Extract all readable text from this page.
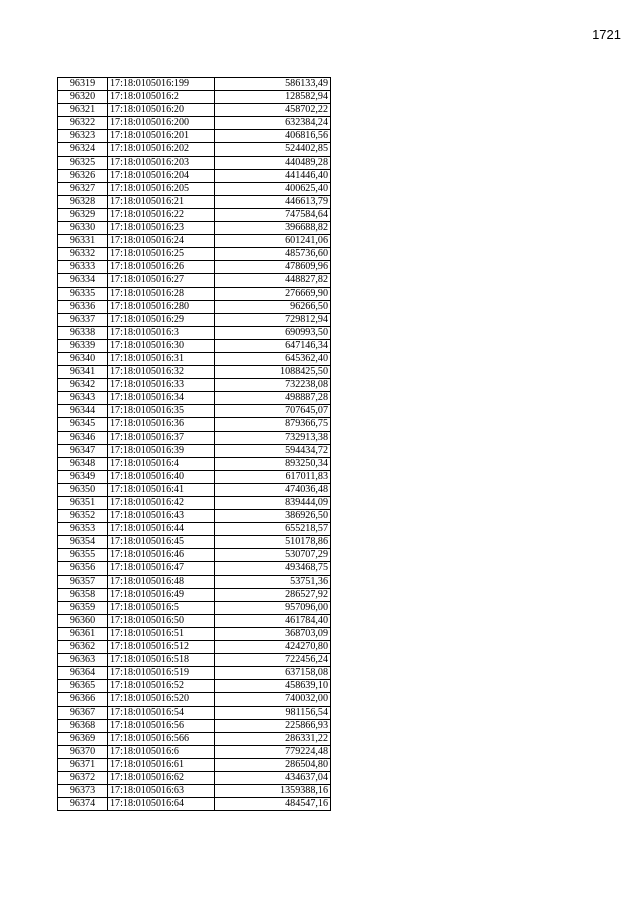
1721
96319	17:18:0105016:199	586133,49
96320	17:18:0105016:2	128582,94
96321	17:18:0105016:20	458702,22
96322	17:18:0105016:200	632384,24
96323	17:18:0105016:201	406816,56
96324	17:18:0105016:202	524402,85
96325	17:18:0105016:203	440489,28
96326	17:18:0105016:204	441446,40
96327	17:18:0105016:205	400625,40
96328	17:18:0105016:21	446613,79
96329	17:18:0105016:22	747584,64
96330	17:18:0105016:23	396688,82
96331	17:18:0105016:24	601241,06
96332	17:18:0105016:25	485736,60
96333	17:18:0105016:26	478609,96
96334	17:18:0105016:27	448827,82
96335	17:18:0105016:28	276669,90
96336	17:18:0105016:280	96266,50
96337	17:18:0105016:29	729812,94
96338	17:18:0105016:3	690993,50
96339	17:18:0105016:30	647146,34
96340	17:18:0105016:31	645362,40
96341	17:18:0105016:32	1088425,50
96342	17:18:0105016:33	732238,08
96343	17:18:0105016:34	498887,28
96344	17:18:0105016:35	707645,07
96345	17:18:0105016:36	879366,75
96346	17:18:0105016:37	732913,38
96347	17:18:0105016:39	594434,72
96348	17:18:0105016:4	893250,34
96349	17:18:0105016:40	617011,83
96350	17:18:0105016:41	474036,48
96351	17:18:0105016:42	839444,09
96352	17:18:0105016:43	386926,50
96353	17:18:0105016:44	655218,57
96354	17:18:0105016:45	510178,86
96355	17:18:0105016:46	530707,29
96356	17:18:0105016:47	493468,75
96357	17:18:0105016:48	53751,36
96358	17:18:0105016:49	286527,92
96359	17:18:0105016:5	957096,00
96360	17:18:0105016:50	461784,40
96361	17:18:0105016:51	368703,09
96362	17:18:0105016:512	424270,80
96363	17:18:0105016:518	722456,24
96364	17:18:0105016:519	637158,08
96365	17:18:0105016:52	458639,10
96366	17:18:0105016:520	740032,00
96367	17:18:0105016:54	981156,54
96368	17:18:0105016:56	225866,93
96369	17:18:0105016:566	286331,22
96370	17:18:0105016:6	779224,48
96371	17:18:0105016:61	286504,80
96372	17:18:0105016:62	434637,04
96373	17:18:0105016:63	1359388,16
96374	17:18:0105016:64	484547,16
